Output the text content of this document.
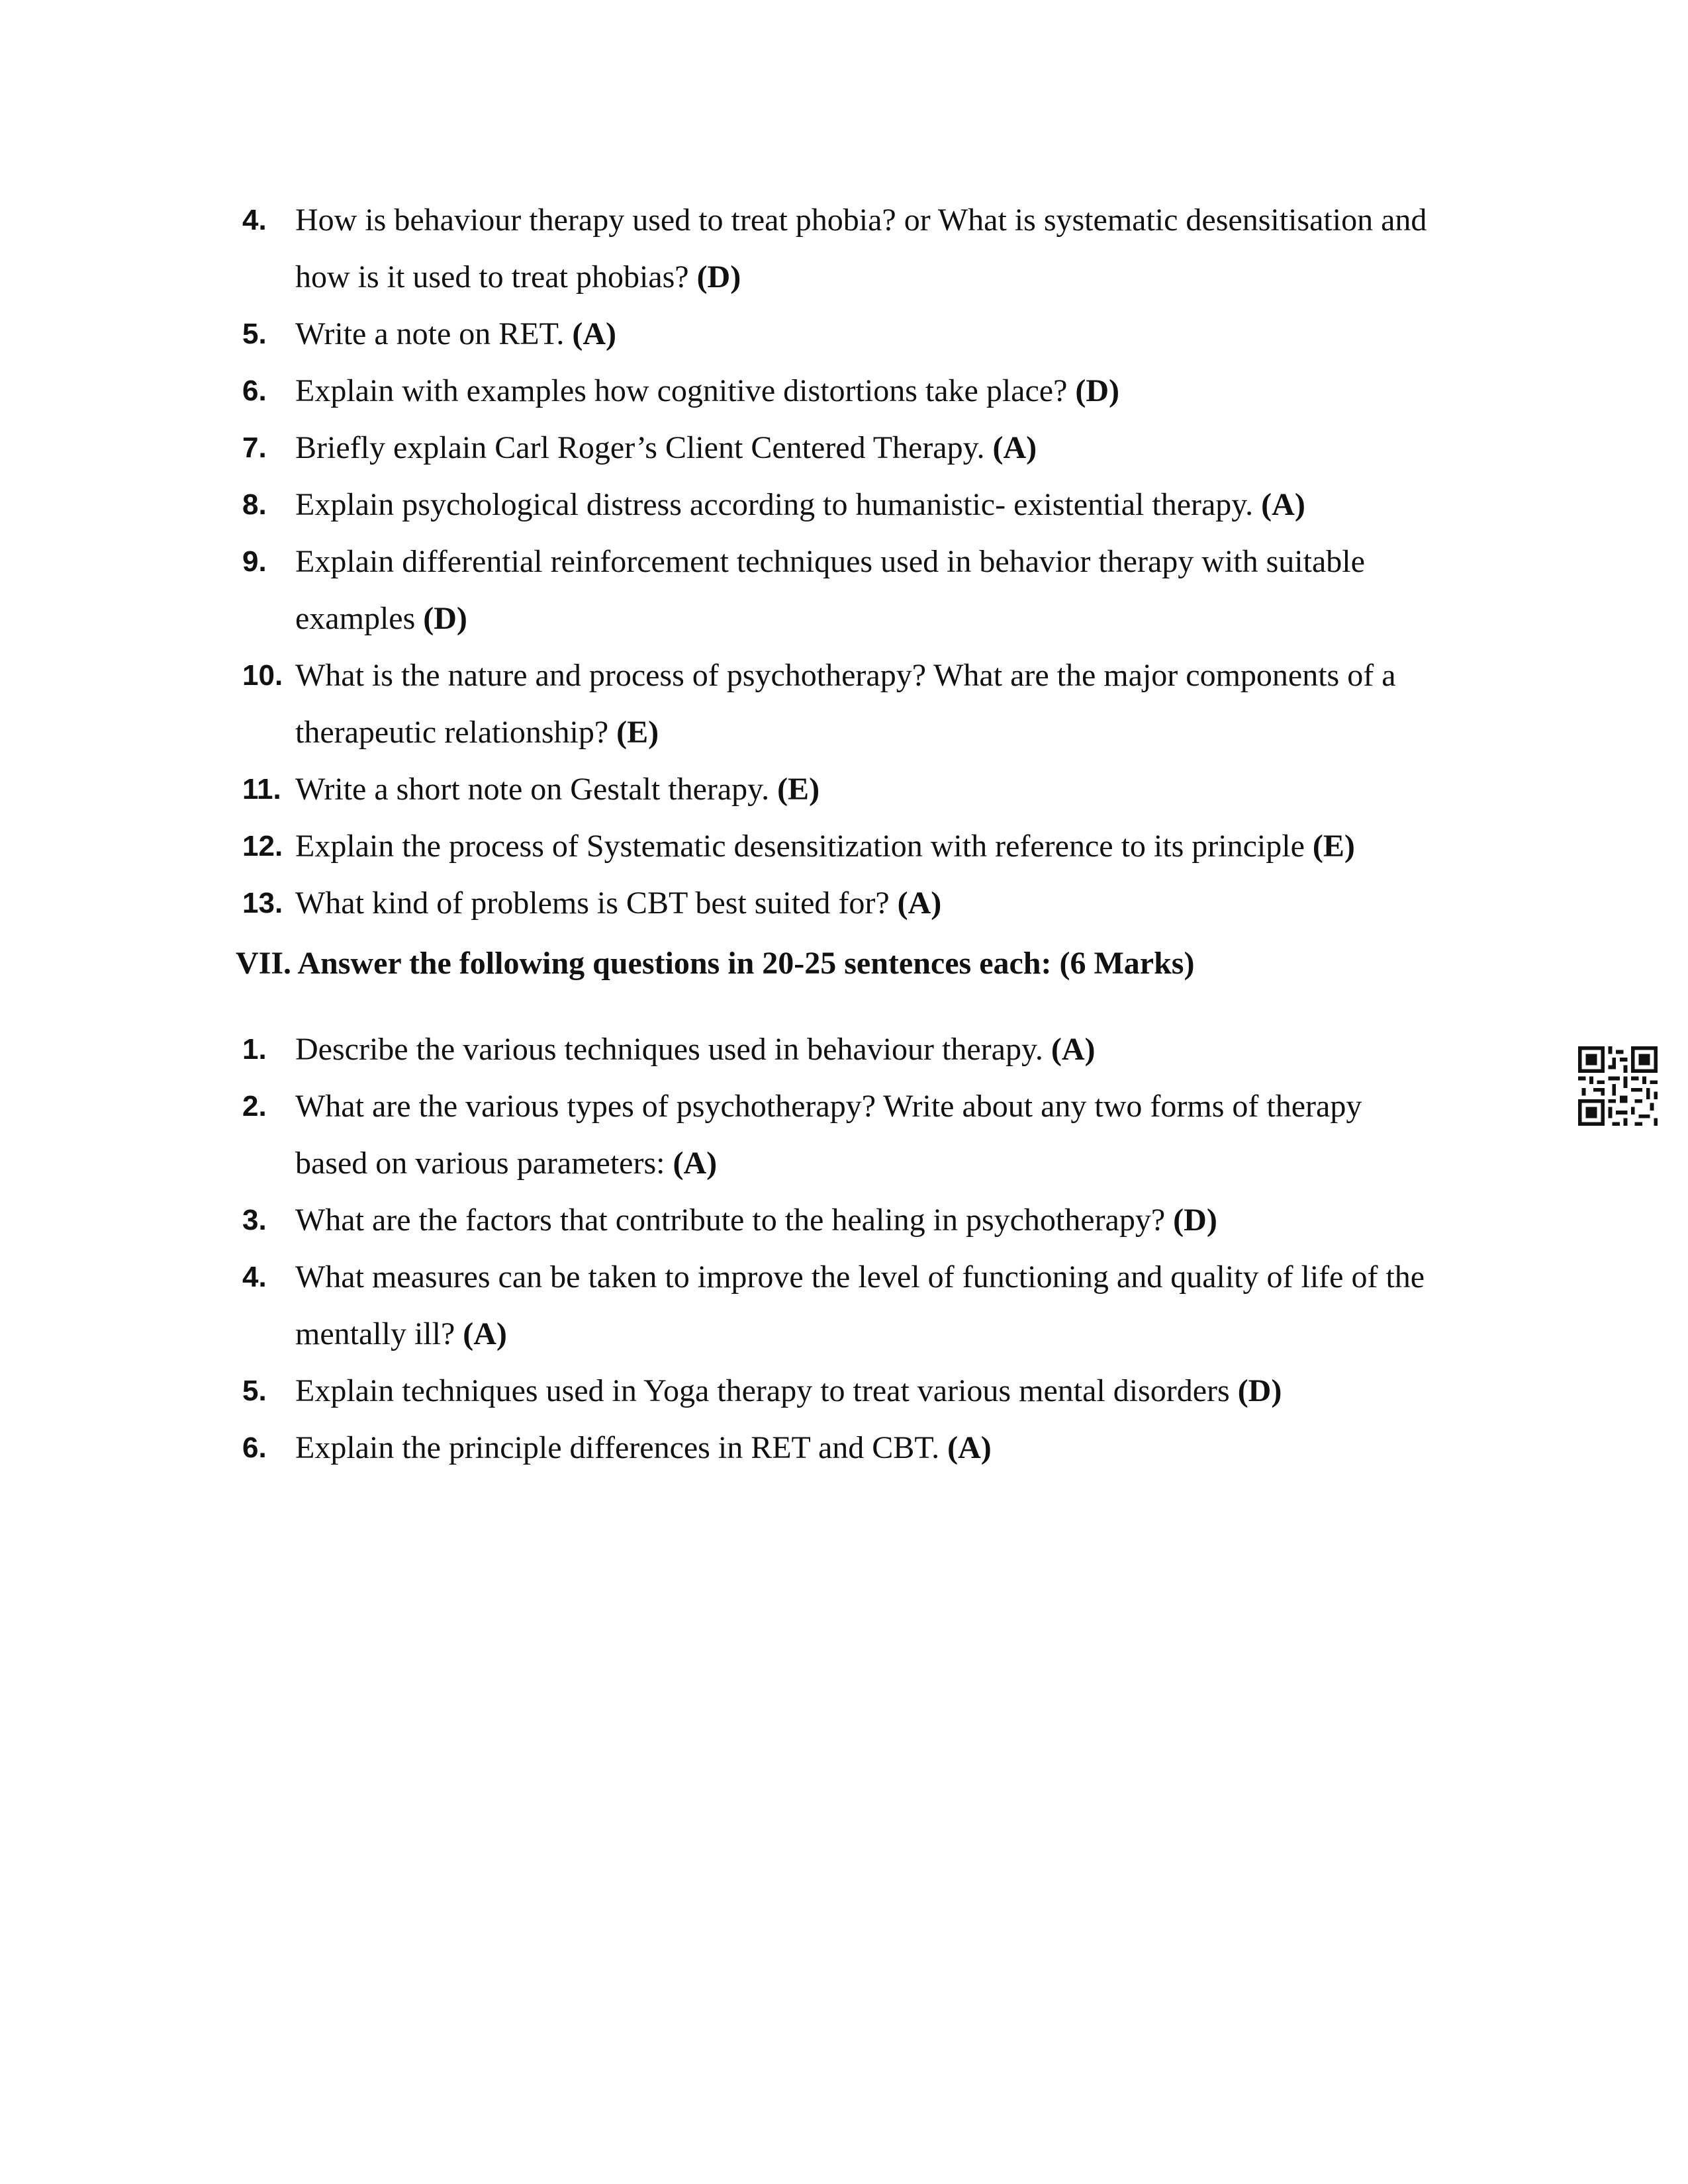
4. How is behaviour therapy used to treat phobia? or What is systematic desensitisation and how is it used to treat phobias? (D)
5. Write a note on RET. (A)
6. Explain with examples how cognitive distortions take place? (D)
7. Briefly explain Carl Roger’s Client Centered Therapy. (A)
8. Explain psychological distress according to humanistic- existential therapy. (A)
9. Explain differential reinforcement techniques used in behavior therapy with suitable examples (D)
10. What is the nature and process of psychotherapy? What are the major components of a therapeutic relationship? (E)
11. Write a short note on Gestalt therapy. (E)
12. Explain the process of Systematic desensitization with reference to its principle (E)
13. What kind of problems is CBT best suited for? (A)
VII. Answer the following questions in 20-25 sentences each: (6 Marks)
1. Describe the various techniques used in behaviour therapy. (A)
2. What are the various types of psychotherapy? Write about any two forms of therapy based on various parameters: (A)
3. What are the factors that contribute to the healing in psychotherapy? (D)
4. What measures can be taken to improve the level of functioning and quality of life of the mentally ill? (A)
5. Explain techniques used in Yoga therapy to treat various mental disorders (D)
6. Explain the principle differences in RET and CBT. (A)
